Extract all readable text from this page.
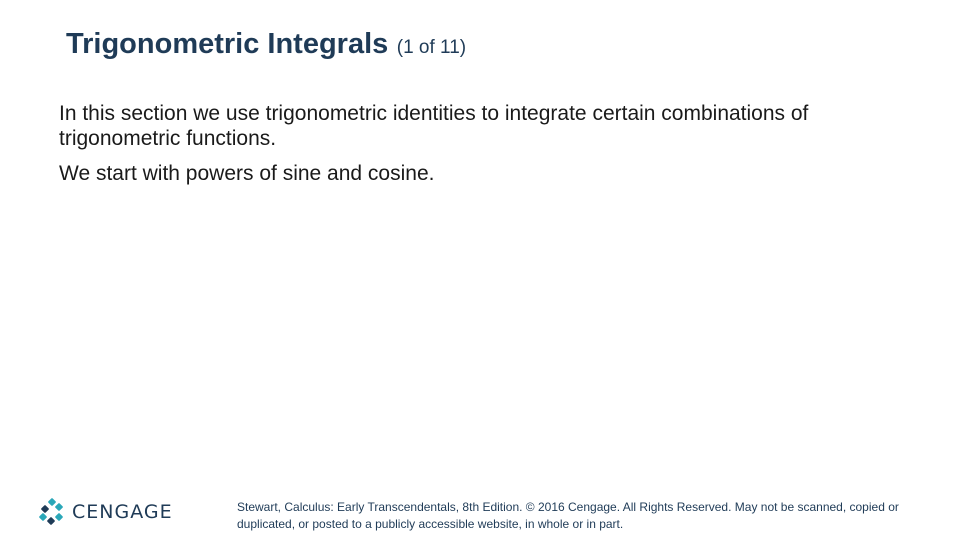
Trigonometric Integrals (1 of 11)

In this section we use trigonometric identities to integrate certain combinations of trigonometric functions.

We start with powers of sine and cosine.

CENGAGE	Stewart, Calculus: Early Transcendentals, 8th Edition. © 2016 Cengage. All Rights Reserved. May not be scanned, copied or duplicated, or posted to a publicly accessible website, in whole or in part.
